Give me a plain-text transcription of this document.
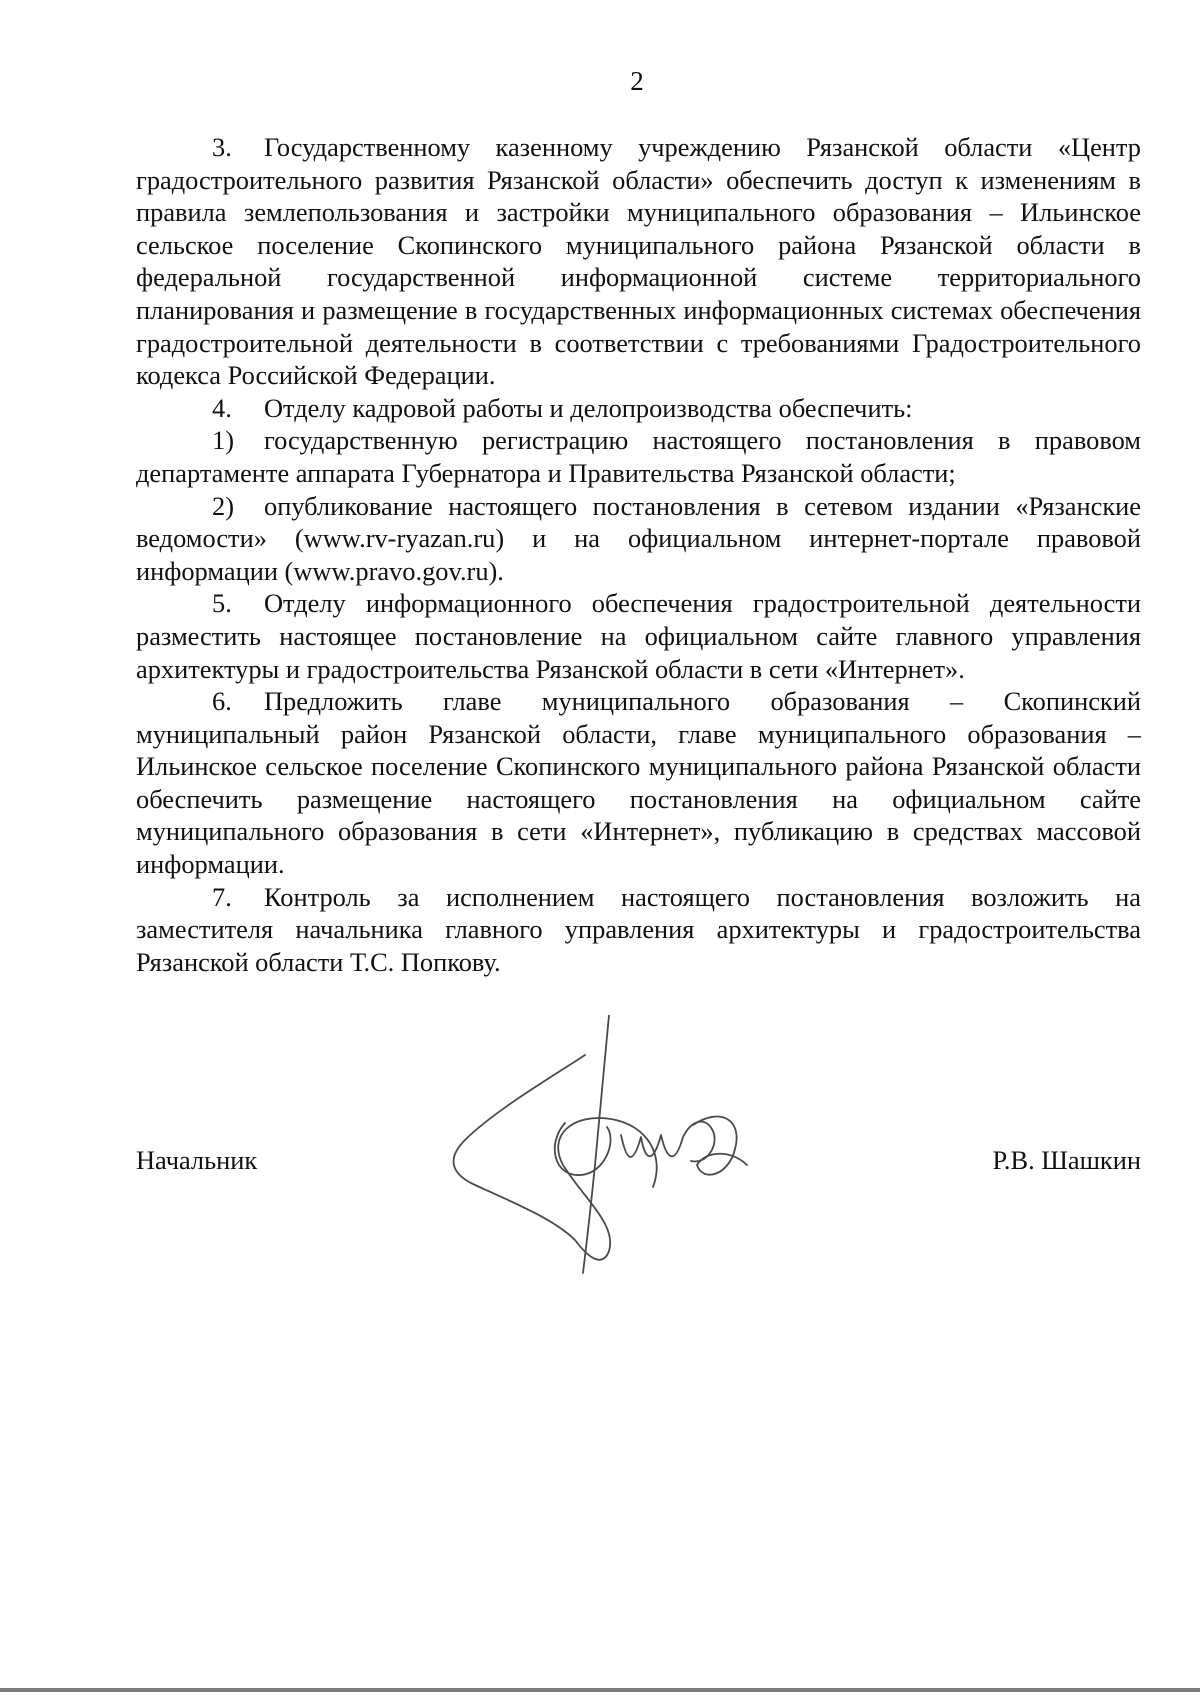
2

3. Государственному казенному учреждению Рязанской области «Центр градостроительного развития Рязанской области» обеспечить доступ к изменениям в правила землепользования и застройки муниципального образования – Ильинское сельское поселение Скопинского муниципального района Рязанской области в федеральной государственной информационной системе территориального планирования и размещение в государственных информационных системах обеспечения градостроительной деятельности в соответствии с требованиями Градостроительного кодекса Российской Федерации.

4. Отделу кадровой работы и делопроизводства обеспечить:

1) государственную регистрацию настоящего постановления в правовом департаменте аппарата Губернатора и Правительства Рязанской области;

2) опубликование настоящего постановления в сетевом издании «Рязанские ведомости» (www.rv-ryazan.ru) и на официальном интернет-портале правовой информации (www.pravo.gov.ru).

5. Отделу информационного обеспечения градостроительной деятельности разместить настоящее постановление на официальном сайте главного управления архитектуры и градостроительства Рязанской области в сети «Интернет».

6. Предложить главе муниципального образования – Скопинский муниципальный район Рязанской области, главе муниципального образования – Ильинское сельское поселение Скопинского муниципального района Рязанской области обеспечить размещение настоящего постановления на официальном сайте муниципального образования в сети «Интернет», публикацию в средствах массовой информации.

7. Контроль за исполнением настоящего постановления возложить на заместителя начальника главного управления архитектуры и градостроительства Рязанской области Т.С. Попкову.

Начальник	Р.В. Шашкин
